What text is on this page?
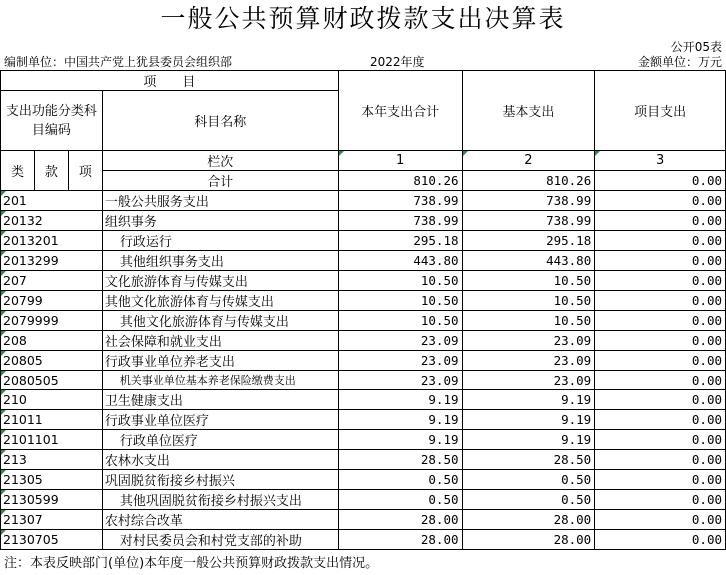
一般公共预算财政拨款支出决算表
公开05表
编制单位：中国共产党上犹县委员会组织部	2022年度	金额单位：万元
项　　目				本年支出合计	基本支出	项目支出
支出功能分类科目编码			科目名称			

类	款	项	栏次	1	2	3
			合计	810.26	810.26	0.00
201			一般公共服务支出	738.99	738.99	0.00
20132			组织事务	738.99	738.99	0.00
2013201			行政运行	295.18	295.18	0.00
2013299			其他组织事务支出	443.80	443.80	0.00
207			文化旅游体育与传媒支出	10.50	10.50	0.00
20799			其他文化旅游体育与传媒支出	10.50	10.50	0.00
2079999			其他文化旅游体育与传媒支出	10.50	10.50	0.00
208			社会保障和就业支出	23.09	23.09	0.00
20805			行政事业单位养老支出	23.09	23.09	0.00
2080505			机关事业单位基本养老保险缴费支出	23.09	23.09	0.00
210			卫生健康支出	9.19	9.19	0.00
21011			行政事业单位医疗	9.19	9.19	0.00
2101101			行政单位医疗	9.19	9.19	0.00
213			农林水支出	28.50	28.50	0.00
21305			巩固脱贫衔接乡村振兴	0.50	0.50	0.00
2130599			其他巩固脱贫衔接乡村振兴支出	0.50	0.50	0.00
21307			农村综合改革	28.00	28.00	0.00
2130705			对村民委员会和村党支部的补助	28.00	28.00	0.00
注：本表反映部门(单位)本年度一般公共预算财政拨款支出情况。
